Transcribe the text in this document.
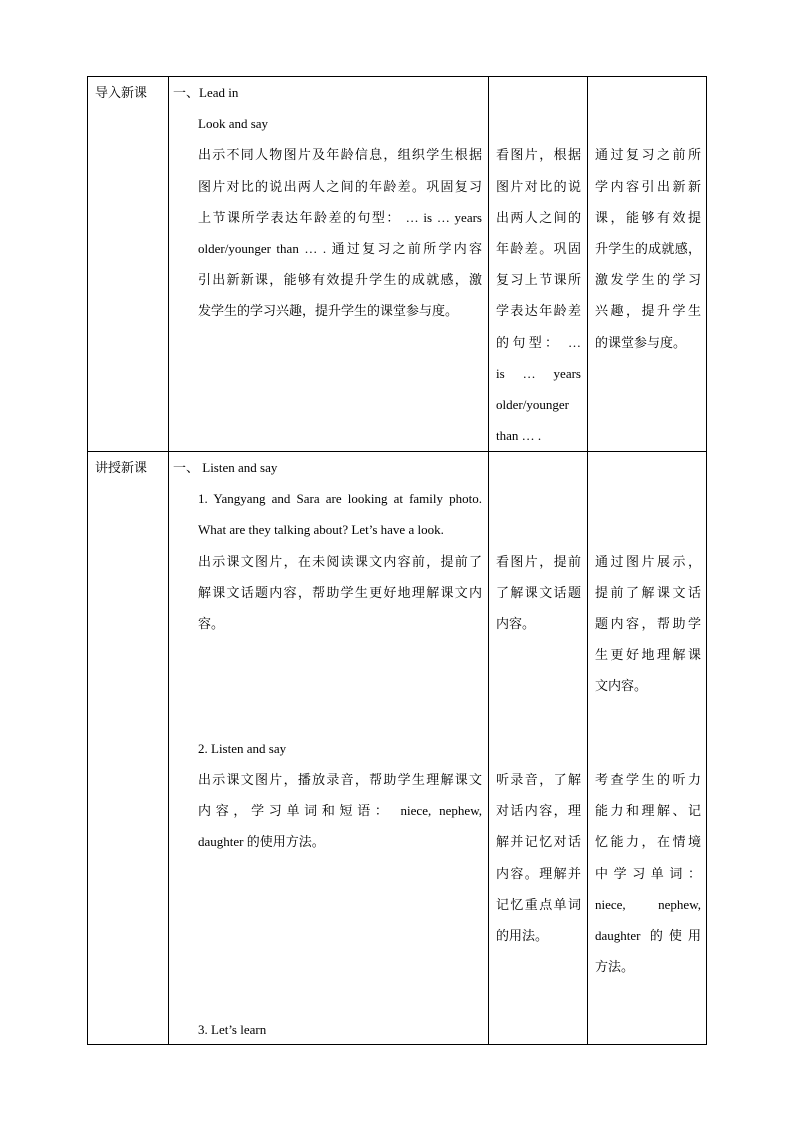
导入新课	一、Lead in
Look and say
出示不同人物图片及年龄信息，组织学生根据
图片对比的说出两人之间的年龄差。巩固复习
上节课所学表达年龄差的句型： … is … years
older/younger than … . 通过复习之前所学内容
引出新新课，能够有效提升学生的成就感，激
发学生的学习兴趣，提升学生的课堂参与度。
看图片，根据
图片对比的说
出两人之间的
年龄差。巩固
复习上节课所
学表达年龄差
的句型： …
is … years
older/younger
than … .
通过复习之前所
学内容引出新新
课，能够有效提
升学生的成就感，
激发学生的学习
兴趣，提升学生
的课堂参与度。
讲授新课	一、 Listen and say
1. Yangyang and Sara are looking at family photo.
What are they talking about? Let’s have a look.
出示课文图片，在未阅读课文内容前，提前了
解课文话题内容，帮助学生更好地理解课文内
容。
2. Listen and say
出示课文图片，播放录音，帮助学生理解课文
内容，学习单词和短语： niece, nephew,
daughter 的使用方法。
3. Let’s learn
看图片，提前
了解课文话题
内容。
听录音，了解
对话内容，理
解并记忆对话
内容。理解并
记忆重点单词
的用法。
通过图片展示，
提前了解课文话
题内容，帮助学
生更好地理解课
文内容。
考查学生的听力
能力和理解、记
忆能力，在情境
中学习单词：
niece, nephew,
daughter 的使用
方法。
